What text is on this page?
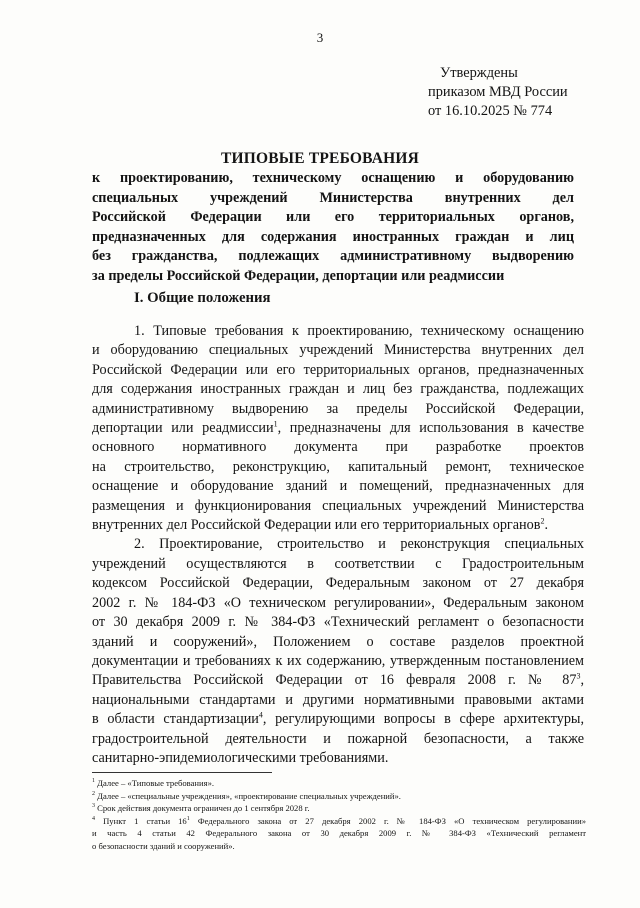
3
Утверждены
приказом МВД России
от 16.10.2025 № 774
ТИПОВЫЕ ТРЕБОВАНИЯ
к проектированию, техническому оснащению и оборудованию
специальных учреждений Министерства внутренних дел
Российской Федерации или его территориальных органов,
предназначенных для содержания иностранных граждан и лиц
без гражданства, подлежащих административному выдворению
за пределы Российской Федерации, депортации или реадмиссии
I. Общие положения
1. Типовые требования к проектированию, техническому оснащению
и оборудованию специальных учреждений Министерства внутренних дел
Российской Федерации или его территориальных органов, предназначенных
для содержания иностранных граждан и лиц без гражданства, подлежащих
административному выдворению за пределы Российской Федерации,
депортации или реадмиссии$^1$, предназначены для использования в качестве
основного нормативного документа при разработке проектов
на строительство, реконструкцию, капитальный ремонт, техническое
оснащение и оборудование зданий и помещений, предназначенных для
размещения и функционирования специальных учреждений Министерства
внутренних дел Российской Федерации или его территориальных органов$^2$.
2. Проектирование, строительство и реконструкция специальных
учреждений осуществляются в соответствии с Градостроительным
кодексом Российской Федерации, Федеральным законом от 27 декабря
2002 г. № 184-ФЗ «О техническом регулировании», Федеральным законом
от 30 декабря 2009 г. № 384-ФЗ «Технический регламент о безопасности
зданий и сооружений», Положением о составе разделов проектной
документации и требованиях к их содержанию, утвержденным постановлением
Правительства Российской Федерации от 16 февраля 2008 г. № $87^3$,
национальными стандартами и другими нормативными правовыми актами
в области стандартизации$^4$, регулирующими вопросы в сфере архитектуры,
градостроительной деятельности и пожарной безопасности, а также
санитарно-эпидемиологическими требованиями.
$^1$ Далее – «Типовые требования».
$^2$ Далее – «специальные учреждения», «проектирование специальных учреждений».
$^3$ Срок действия документа ограничен до 1 сентября 2028 г.
$^4$ Пункт 1 статьи $16^1$ Федерального закона от 27 декабря 2002 г. № 184-ФЗ «О техническом регулировании»
и часть 4 статьи 42 Федерального закона от 30 декабря 2009 г. № 384-ФЗ «Технический регламент
о безопасности зданий и сооружений».
